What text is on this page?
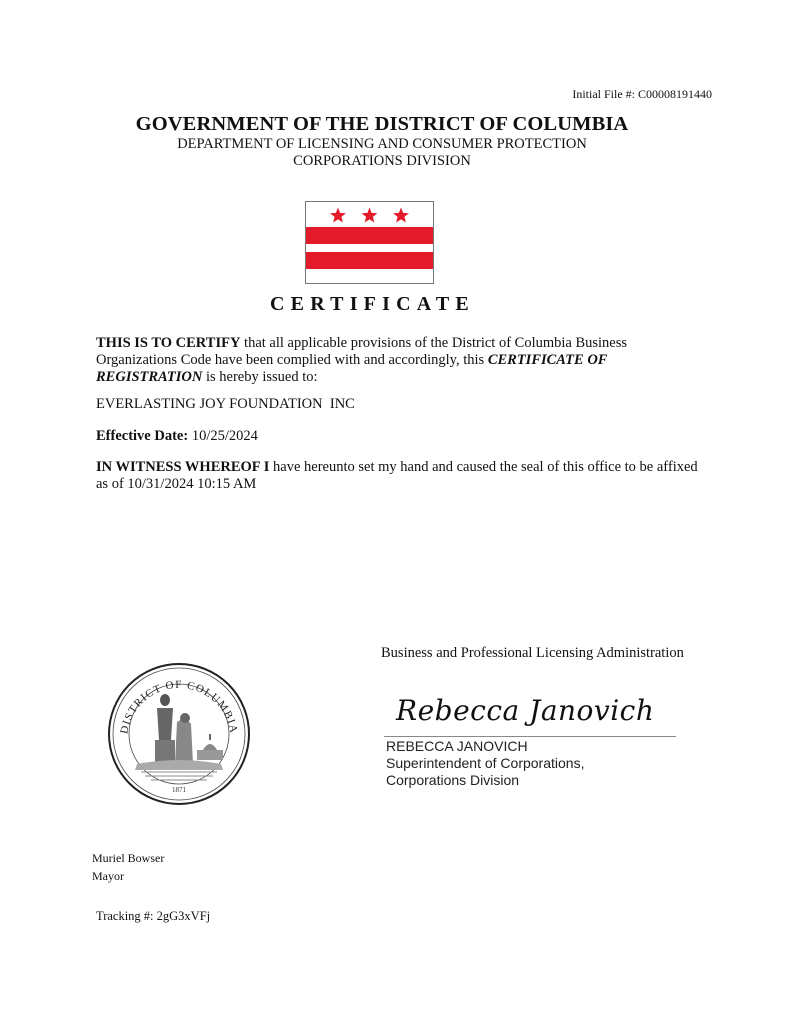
Initial File #: C00008191440
GOVERNMENT OF THE DISTRICT OF COLUMBIA
DEPARTMENT OF LICENSING AND CONSUMER PROTECTION
CORPORATIONS DIVISION
CERTIFICATE
THIS IS TO CERTIFY that all applicable provisions of the District of Columbia Business Organizations Code have been complied with and accordingly, this CERTIFICATE OF REGISTRATION is hereby issued to:
EVERLASTING JOY FOUNDATION  INC
Effective Date: 10/25/2024
IN WITNESS WHEREOF I have hereunto set my hand and caused the seal of this office to be affixed as of 10/31/2024 10:15 AM
Business and Professional Licensing Administration
Rebecca Janovich
REBECCA JANOVICH
Superintendent of Corporations,
Corporations Division
DISTRICT OF COLUMBIA
1871
Muriel Bowser
Mayor
Tracking #: 2gG3xVFj
